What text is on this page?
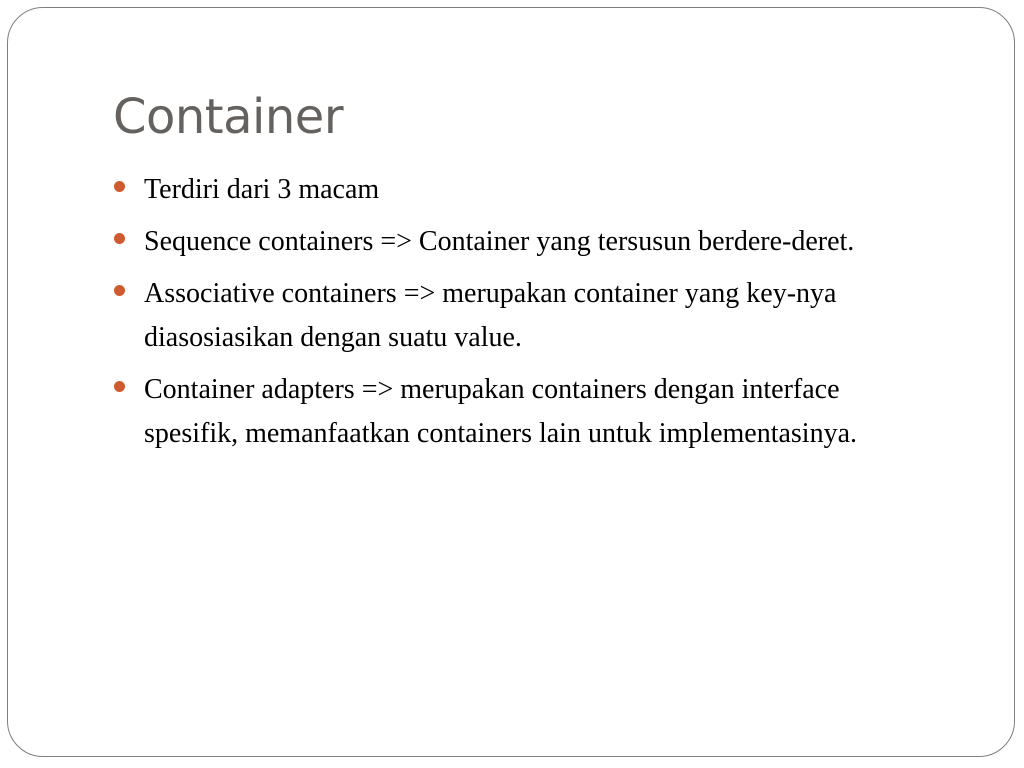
Container
Terdiri dari 3 macam
Sequence containers => Container yang tersusun berdere-deret.
Associative containers => merupakan container yang key-nya diasosiasikan dengan suatu value.
Container adapters => merupakan containers dengan interface spesifik, memanfaatkan containers lain untuk implementasinya.
